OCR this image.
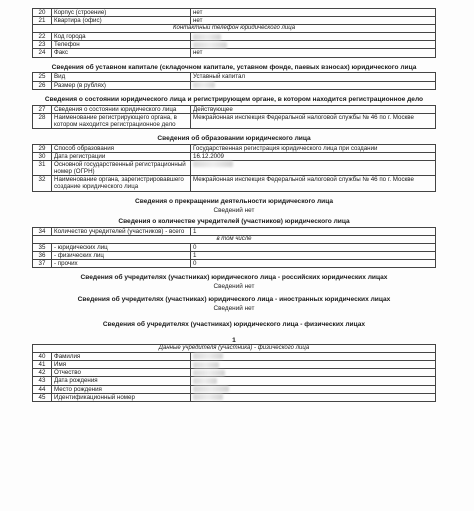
20	Корпус (строение)	нет
21	Квартира (офис)	нет
Контактный телефон юридического лица		
22	Код города	
23	Телефон	
24	Факс	нет
Сведения об уставном капитале (складочном капитале, уставном фонде, паевых взносах) юридического лица
25	Вид	Уставный капитал
26	Размер (в рублях)	
Сведения о состоянии юридического лица и регистрирующем органе, в котором находится регистрационное дело
27	Сведения о состоянии юридического лица	Действующее
28	Наименование регистрирующего органа, в котором находится регистрационное дело	Межрайонная инспекция Федеральной налоговой службы № 46 по г. Москве
Сведения об образовании юридического лица
29	Способ образования	Государственная регистрация юридического лица при создании
30	Дата регистрации	16.12.2009
31	Основной государственный регистрационный номер (ОГРН)	
32	Наименование органа, зарегистрировавшего создание юридического лица	Межрайонная инспекция Федеральной налоговой службы № 46 по г. Москве
Сведения о прекращении деятельности юридического лица
Сведений нет
Сведения о количестве учредителей (участников) юридического лица
34	Количество учредителей (участников) - всего	1
в том числе		
35	- юридических лиц	0
36	- физических лиц	1
37	- прочих	0
Сведения об учредителях (участниках) юридического лица - российских юридических лицах
Сведений нет
Сведения об учредителях (участниках) юридического лица - иностранных юридических лицах
Сведений нет
Сведения об учредителях (участниках) юридического лица - физических лицах
1
Данные учредителя (участника) - физического лица		
40	Фамилия	
41	Имя	
42	Отчество	
43	Дата рождения	
44	Место рождения	
45	Идентификационный номер	
